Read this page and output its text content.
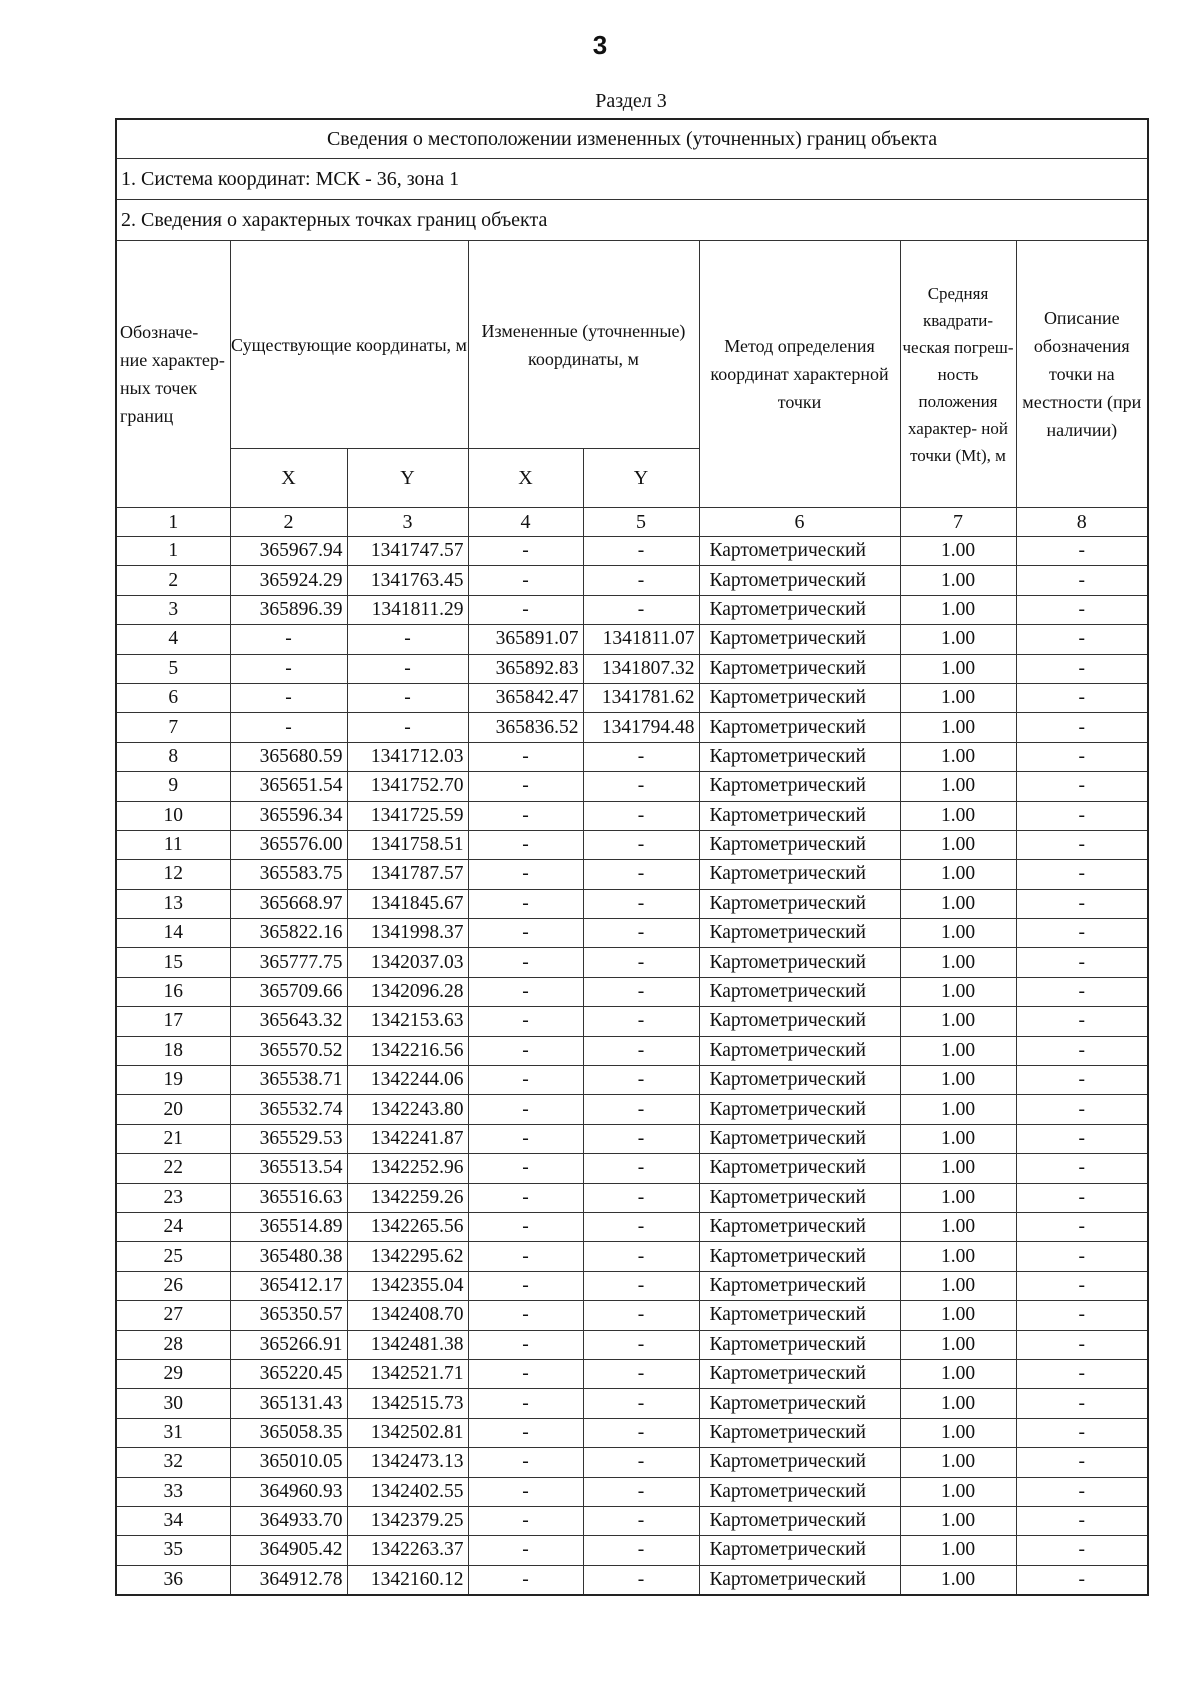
3
Раздел 3
Сведения о местоположении измененных (уточненных) границ объекта							
1. Система координат: МСК - 36, зона 1							
2. Сведения о характерных точках границ объекта							
Обозначе- ние характер- ных точек границ	Существующие координаты, м		Измененные (уточненные) координаты, м		Метод определения координат характерной точки	Средняя квадрати- ческая погреш- ность положения характер- ной точки (Mt), м	Описание обозначения точки на местности (при наличии)
	X	Y	X	Y			
1	2	3	4	5	6	7	8
1	365967.94	1341747.57	-	-	Картометрический	1.00	-
2	365924.29	1341763.45	-	-	Картометрический	1.00	-
3	365896.39	1341811.29	-	-	Картометрический	1.00	-
4	-	-	365891.07	1341811.07	Картометрический	1.00	-
5	-	-	365892.83	1341807.32	Картометрический	1.00	-
6	-	-	365842.47	1341781.62	Картометрический	1.00	-
7	-	-	365836.52	1341794.48	Картометрический	1.00	-
8	365680.59	1341712.03	-	-	Картометрический	1.00	-
9	365651.54	1341752.70	-	-	Картометрический	1.00	-
10	365596.34	1341725.59	-	-	Картометрический	1.00	-
11	365576.00	1341758.51	-	-	Картометрический	1.00	-
12	365583.75	1341787.57	-	-	Картометрический	1.00	-
13	365668.97	1341845.67	-	-	Картометрический	1.00	-
14	365822.16	1341998.37	-	-	Картометрический	1.00	-
15	365777.75	1342037.03	-	-	Картометрический	1.00	-
16	365709.66	1342096.28	-	-	Картометрический	1.00	-
17	365643.32	1342153.63	-	-	Картометрический	1.00	-
18	365570.52	1342216.56	-	-	Картометрический	1.00	-
19	365538.71	1342244.06	-	-	Картометрический	1.00	-
20	365532.74	1342243.80	-	-	Картометрический	1.00	-
21	365529.53	1342241.87	-	-	Картометрический	1.00	-
22	365513.54	1342252.96	-	-	Картометрический	1.00	-
23	365516.63	1342259.26	-	-	Картометрический	1.00	-
24	365514.89	1342265.56	-	-	Картометрический	1.00	-
25	365480.38	1342295.62	-	-	Картометрический	1.00	-
26	365412.17	1342355.04	-	-	Картометрический	1.00	-
27	365350.57	1342408.70	-	-	Картометрический	1.00	-
28	365266.91	1342481.38	-	-	Картометрический	1.00	-
29	365220.45	1342521.71	-	-	Картометрический	1.00	-
30	365131.43	1342515.73	-	-	Картометрический	1.00	-
31	365058.35	1342502.81	-	-	Картометрический	1.00	-
32	365010.05	1342473.13	-	-	Картометрический	1.00	-
33	364960.93	1342402.55	-	-	Картометрический	1.00	-
34	364933.70	1342379.25	-	-	Картометрический	1.00	-
35	364905.42	1342263.37	-	-	Картометрический	1.00	-
36	364912.78	1342160.12	-	-	Картометрический	1.00	-
